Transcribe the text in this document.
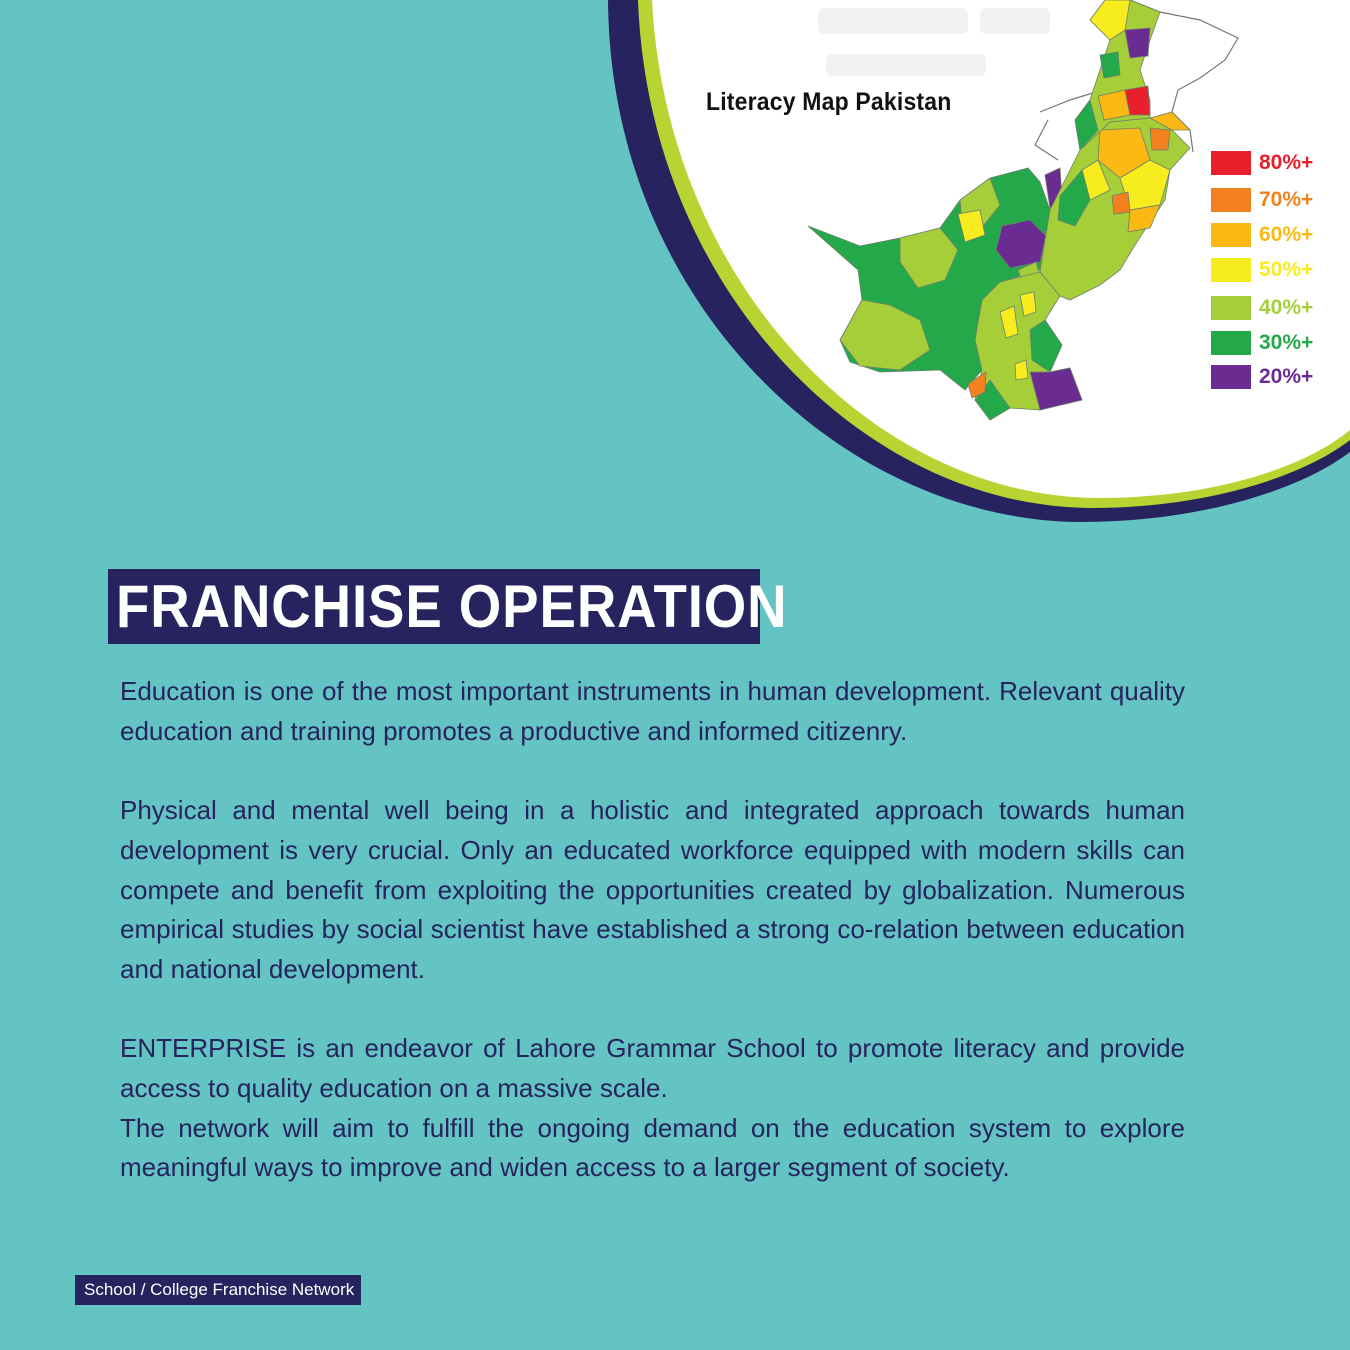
Literacy Map Pakistan
80%+
70%+
60%+
50%+
40%+
30%+
20%+
FRANCHISE OPERATION

Education is one of the most important instruments in human development. Relevant quality education and training promotes a productive and informed citizenry.

Physical and mental well being in a holistic and integrated approach towards human development is very crucial. Only an educated workforce equipped with modern skills can compete and benefit from exploiting the opportunities created by globalization. Numerous empirical studies by social scientist have established a strong co-relation between education and national development.

ENTERPRISE is an endeavor of Lahore Grammar School to promote literacy and provide access to quality education on a massive scale.

The network will aim to fulfill the ongoing demand on the education system to explore meaningful ways to improve and widen access to a larger segment of society.

School / College Franchise Network
